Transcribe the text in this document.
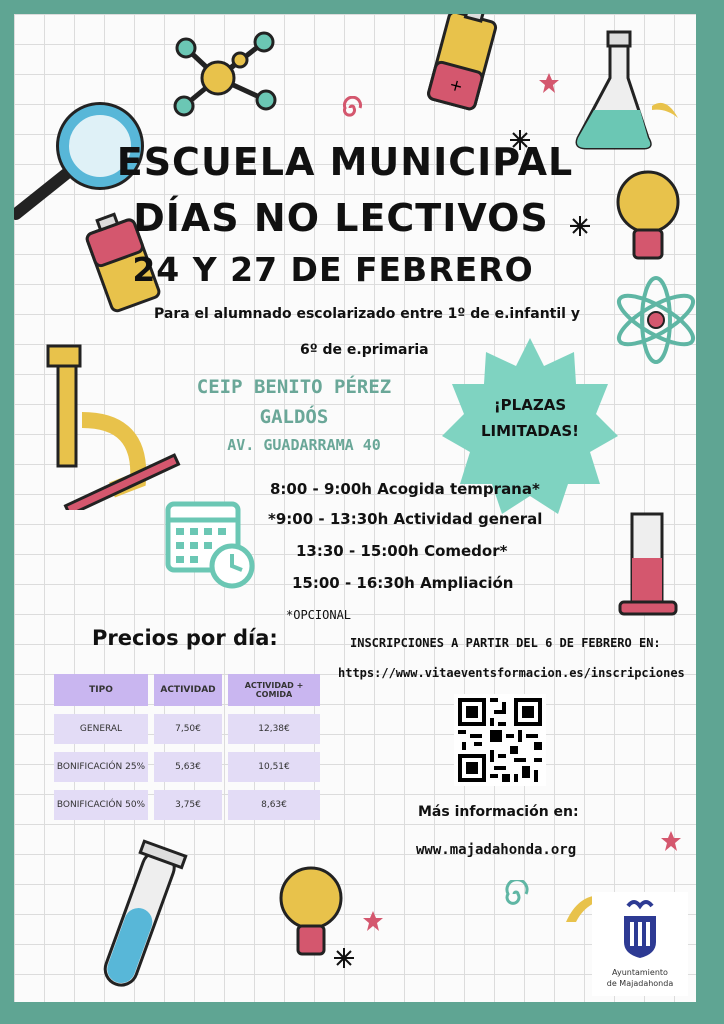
+
ESCUELA MUNICIPAL
DÍAS NO LECTIVOS
24 Y 27 DE FEBRERO
Para el alumnado escolarizado entre 1º de e.infantil y
6º de e.primaria
CEIP BENITO PÉREZ
GALDÓS
AV. GUADARRAMA 40
¡PLAZAS
LIMITADAS!
8:00 - 9:00h Acogida temprana*
*9:00 - 13:30h Actividad general
13:30 - 15:00h Comedor*
15:00 - 16:30h Ampliación
*OPCIONAL
Precios por día:
TIPO	ACTIVIDAD	ACTIVIDAD +
COMIDA
GENERAL	7,50€	12,38€
BONIFICACIÓN 25%	5,63€	10,51€
BONIFICACIÓN 50%	3,75€	8,63€
INSCRIPCIONES A PARTIR DEL 6 DE FEBRERO EN:
https://www.vitaeventsformacion.es/inscripciones
Más información en:
www.majadahonda.org
Ayuntamiento
de Majadahonda
